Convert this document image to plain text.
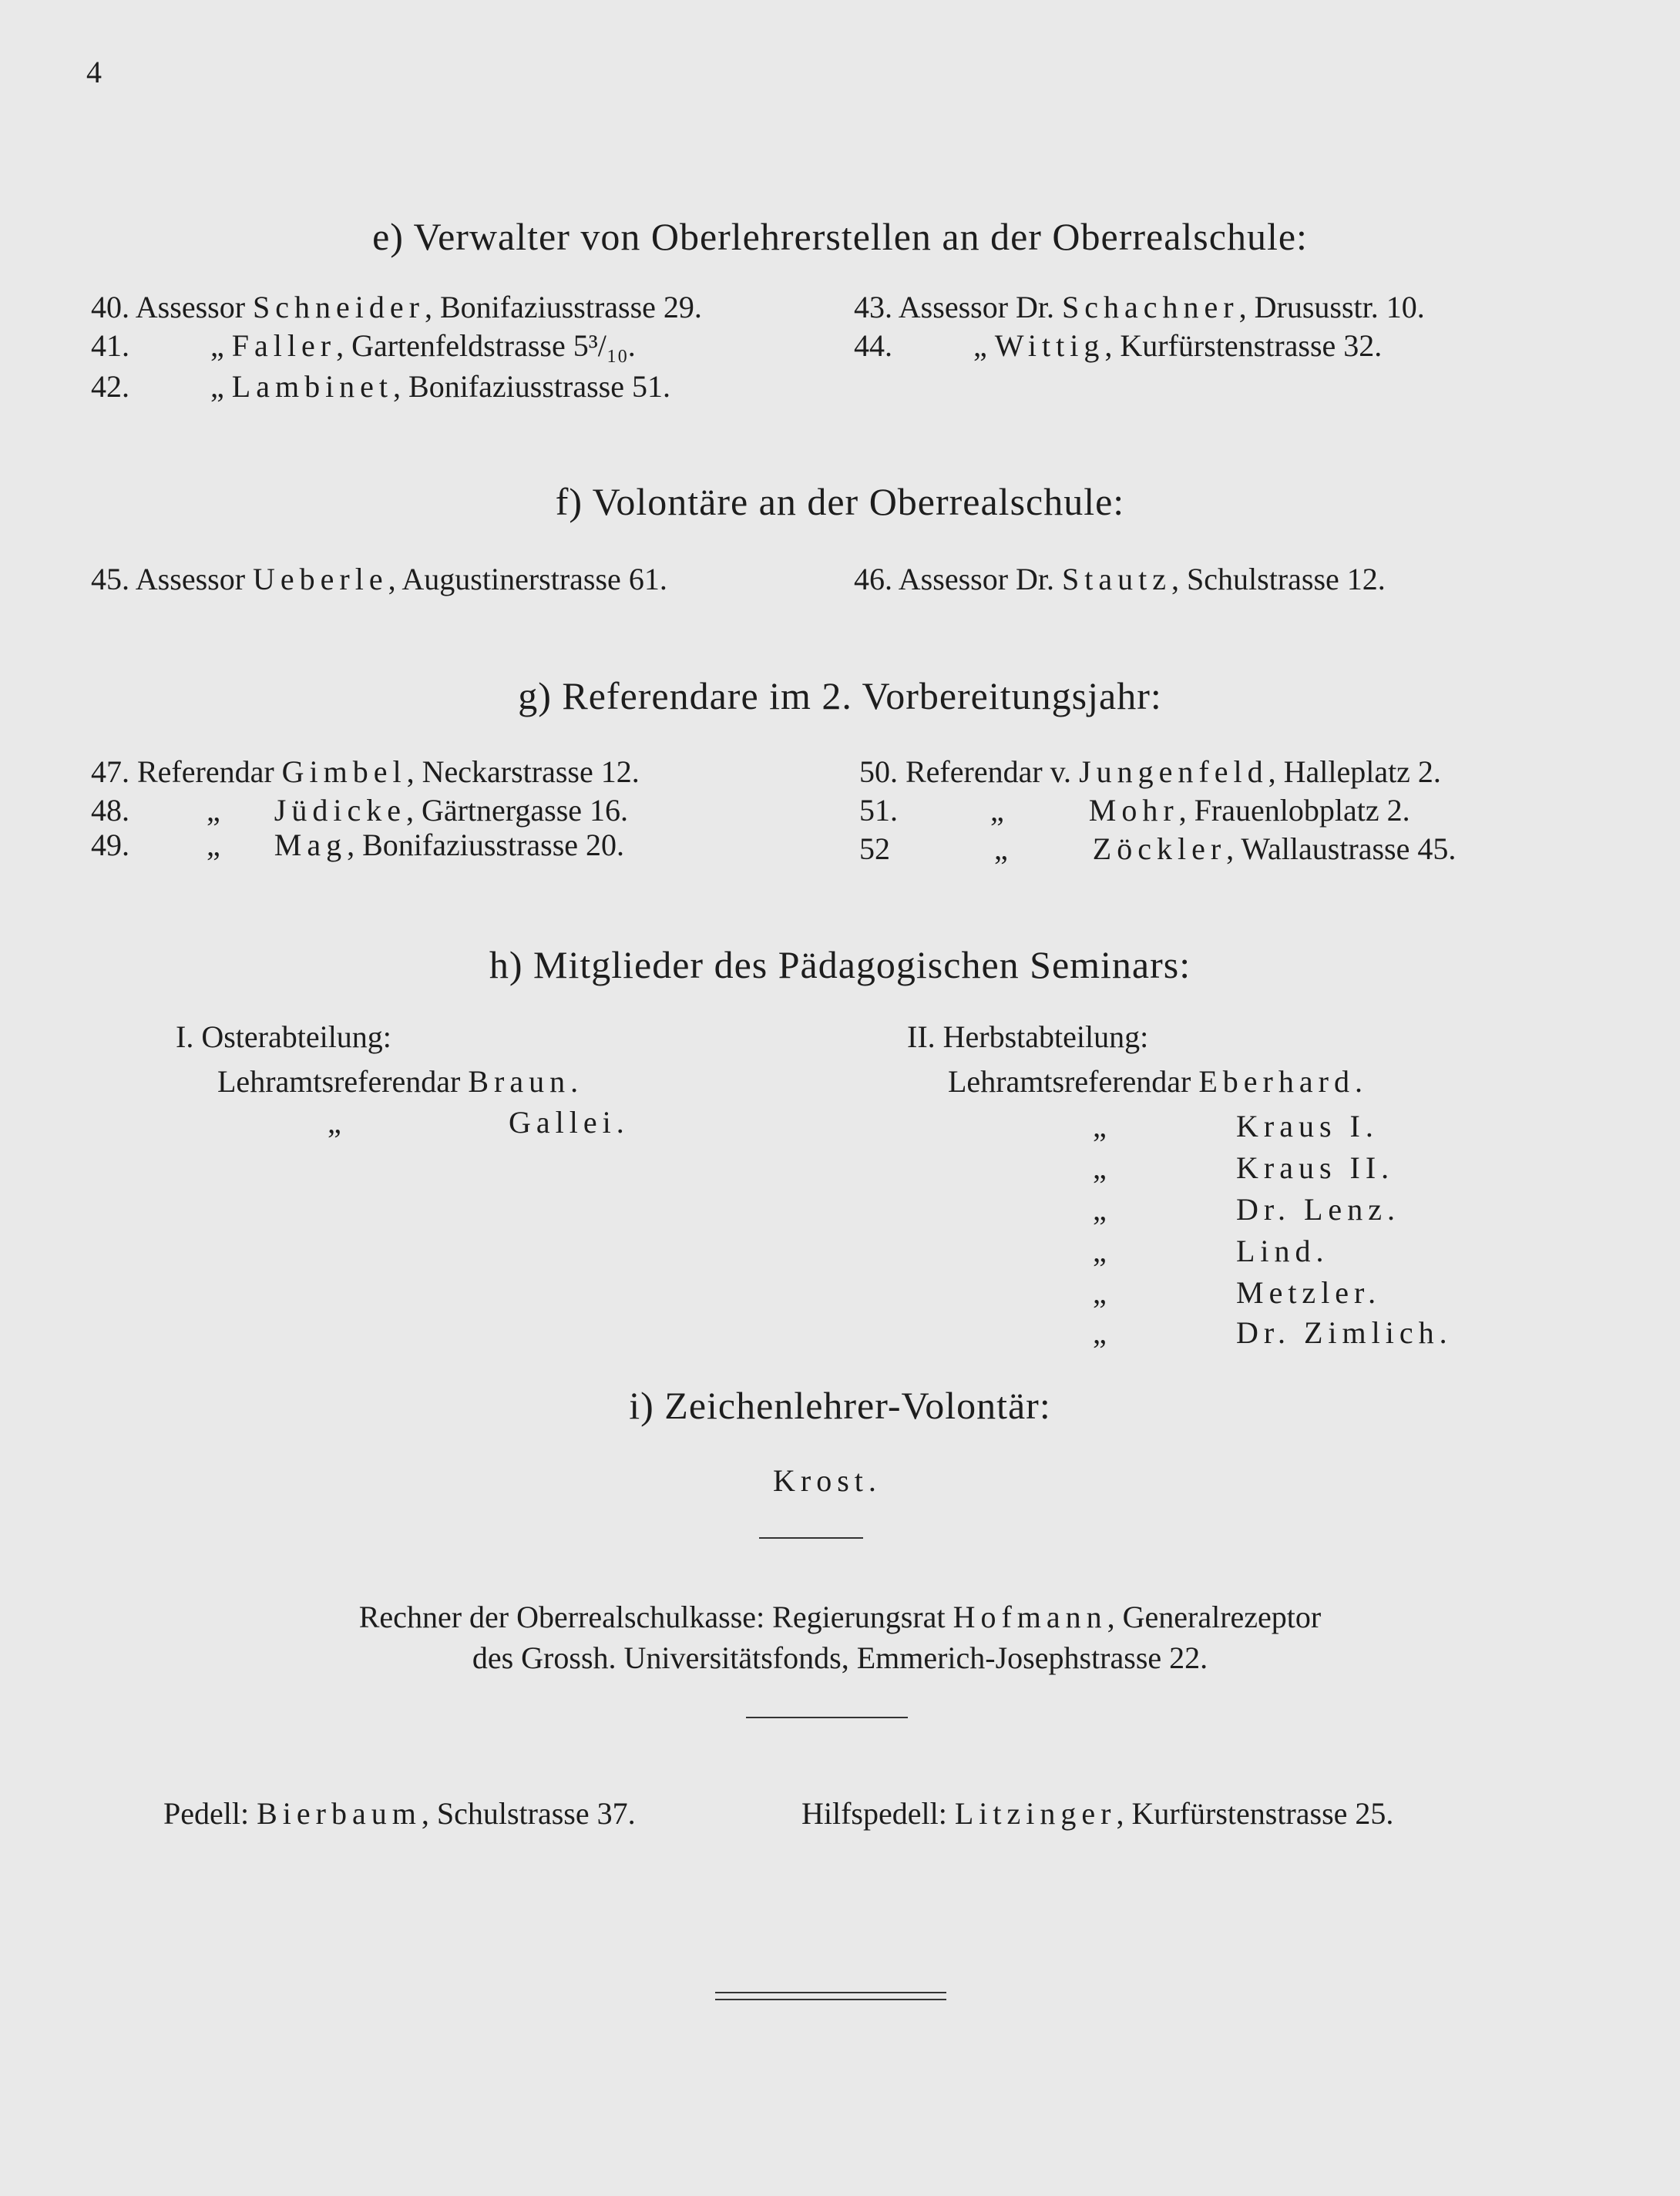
4
e) Verwalter von Oberlehrerstellen an der Oberrealschule:
40. Assessor Schneider, Bonifaziusstrasse 29.
41.	„ Faller, Gartenfeldstrasse 5³/₁₀.
42.	„ Lambinet, Bonifaziusstrasse 51.
43. Assessor Dr. Schachner, Drususstr. 10.
44.	„ Wittig, Kurfürstenstrasse 32.
f) Volontäre an der Oberrealschule:
45. Assessor Ueberle, Augustinerstrasse 61.	46. Assessor Dr. Stautz, Schulstrasse 12.
g) Referendare im 2. Vorbereitungsjahr:
47. Referendar Gimbel, Neckarstrasse 12.
48.	„ Jüdicke, Gärtnergasse 16.
49.	„ Mag, Bonifaziusstrasse 20.
50. Referendar v. Jungenfeld, Halleplatz 2.
51.	„	Mohr, Frauenlobplatz 2.
52	„	Zöckler, Wallaustrasse 45.
h) Mitglieder des Pädagogischen Seminars:
I. Osterabteilung:
Lehramtsreferendar Braun.
„	Gallei.
II. Herbstabteilung:
Lehramtsreferendar Eberhard.
„	Kraus I.
„	Kraus II.
„	Dr. Lenz.
„	Lind.
„	Metzler.
„	Dr. Zimlich.
i) Zeichenlehrer-Volontär:
Krost.
Rechner der Oberrealschulkasse: Regierungsrat Hofmann, Generalrezeptor
des Grossh. Universitätsfonds, Emmerich-Josephstrasse 22.
Pedell: Bierbaum, Schulstrasse 37.	Hilfspedell: Litzinger, Kurfürstenstrasse 25.
